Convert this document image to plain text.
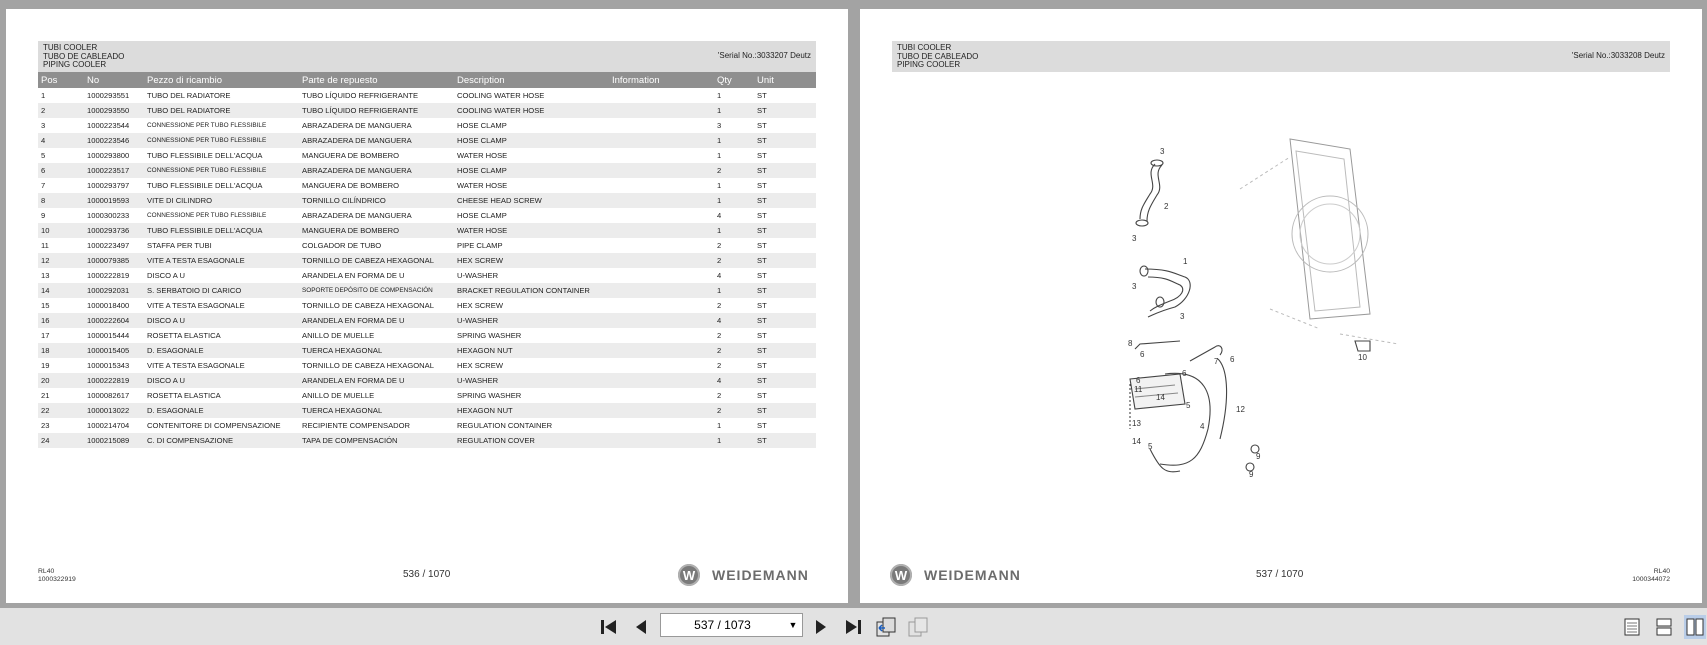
TUBI COOLER
TUBO DE CABLEADO
PIPING COOLER
'Serial No.:3033207 Deutz
Pos	No	Pezzo di ricambio	Parte de repuesto	Description	Information	Qty	Unit
1	1000293551	TUBO DEL RADIATORE	TUBO LÍQUIDO REFRIGERANTE	COOLING WATER HOSE		1	ST
2	1000293550	TUBO DEL RADIATORE	TUBO LÍQUIDO REFRIGERANTE	COOLING WATER HOSE		1	ST
3	1000223544	CONNESSIONE PER TUBO FLESSIBILE	ABRAZADERA DE MANGUERA	HOSE CLAMP		3	ST
4	1000223546	CONNESSIONE PER TUBO FLESSIBILE	ABRAZADERA DE MANGUERA	HOSE CLAMP		1	ST
5	1000293800	TUBO FLESSIBILE DELL'ACQUA	MANGUERA DE BOMBERO	WATER HOSE		1	ST
6	1000223517	CONNESSIONE PER TUBO FLESSIBILE	ABRAZADERA DE MANGUERA	HOSE CLAMP		2	ST
7	1000293797	TUBO FLESSIBILE DELL'ACQUA	MANGUERA DE BOMBERO	WATER HOSE		1	ST
8	1000019593	VITE DI CILINDRO	TORNILLO CILÍNDRICO	CHEESE HEAD SCREW		1	ST
9	1000300233	CONNESSIONE PER TUBO FLESSIBILE	ABRAZADERA DE MANGUERA	HOSE CLAMP		4	ST
10	1000293736	TUBO FLESSIBILE DELL'ACQUA	MANGUERA DE BOMBERO	WATER HOSE		1	ST
11	1000223497	STAFFA PER TUBI	COLGADOR DE TUBO	PIPE CLAMP		2	ST
12	1000079385	VITE A TESTA ESAGONALE	TORNILLO DE CABEZA HEXAGONAL	HEX SCREW		2	ST
13	1000222819	DISCO A U	ARANDELA EN FORMA DE U	U-WASHER		4	ST
14	1000292031	S. SERBATOIO DI CARICO	SOPORTE DEPÓSITO DE COMPENSACIÓN	BRACKET REGULATION CONTAINER		1	ST
15	1000018400	VITE A TESTA ESAGONALE	TORNILLO DE CABEZA HEXAGONAL	HEX SCREW		2	ST
16	1000222604	DISCO A U	ARANDELA EN FORMA DE U	U-WASHER		4	ST
17	1000015444	ROSETTA ELASTICA	ANILLO DE MUELLE	SPRING WASHER		2	ST
18	1000015405	D. ESAGONALE	TUERCA HEXAGONAL	HEXAGON NUT		2	ST
19	1000015343	VITE A TESTA ESAGONALE	TORNILLO DE CABEZA HEXAGONAL	HEX SCREW		2	ST
20	1000222819	DISCO A U	ARANDELA EN FORMA DE U	U-WASHER		4	ST
21	1000082617	ROSETTA ELASTICA	ANILLO DE MUELLE	SPRING WASHER		2	ST
22	1000013022	D. ESAGONALE	TUERCA HEXAGONAL	HEXAGON NUT		2	ST
23	1000214704	CONTENITORE DI COMPENSAZIONE	RECIPIENTE COMPENSADOR	REGULATION CONTAINER		1	ST
24	1000215089	C. DI COMPENSAZIONE	TAPA DE COMPENSACIÓN	REGULATION COVER		1	ST
RL40
1000322919	536 / 1070	W	WEIDEMANN
TUBI COOLER
TUBO DE CABLEADO
PIPING COOLER
'Serial No.:3033208 Deutz
3
2
3
1
3
3
8
6
6
7 6	10
6
11
14
5	12
4
13
14
5
9
9
W	WEIDEMANN	537 / 1070	RL40
1000344072
537 / 1073	▼
